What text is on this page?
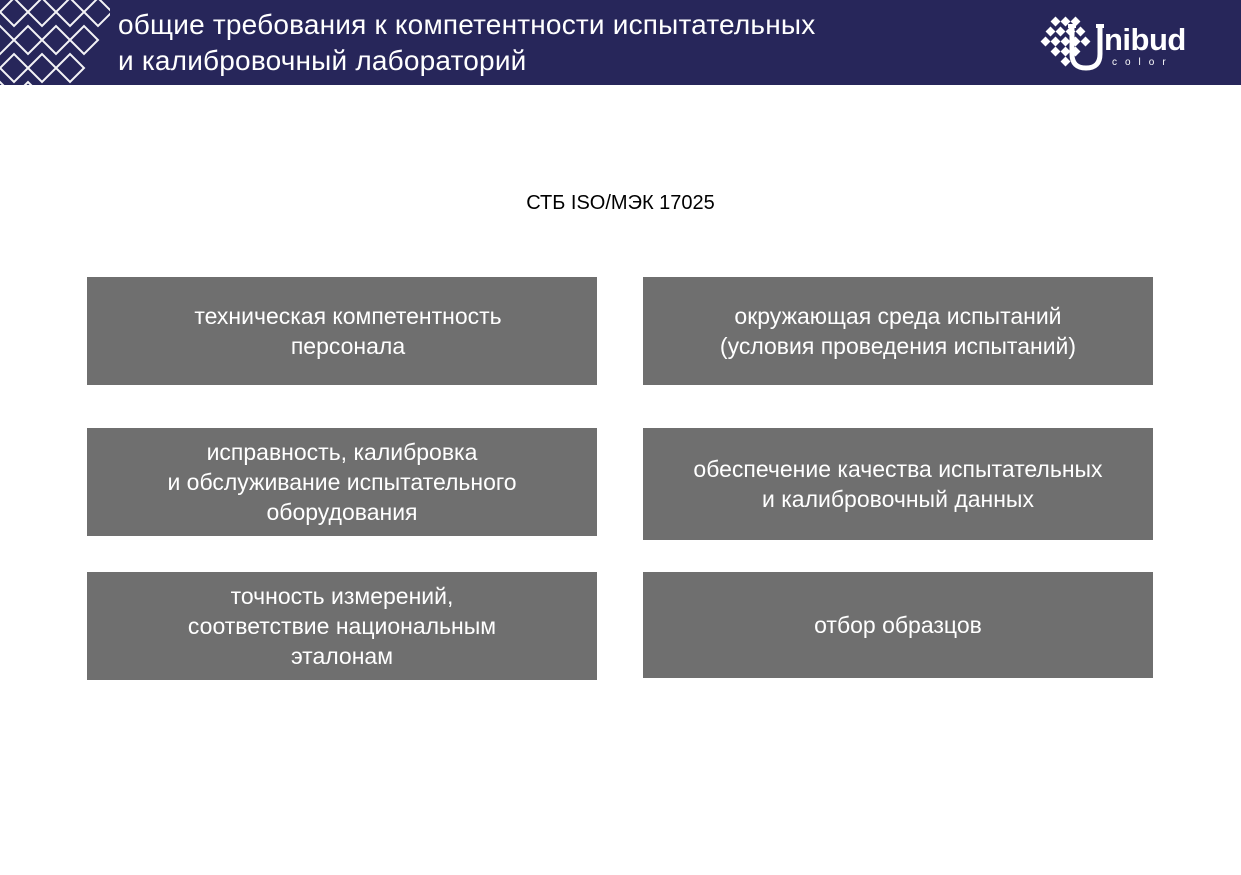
общие требования к компетентности испытательных
и калибровочный лабораторий
nibud
color
СТБ ISO/МЭК 17025
техническая компетентность
персонала
окружающая среда испытаний
(условия проведения испытаний)
исправность, калибровка
и обслуживание испытательного
оборудования
обеспечение качества испытательных
и калибровочный данных
точность измерений,
соответствие национальным
эталонам
отбор образцов
